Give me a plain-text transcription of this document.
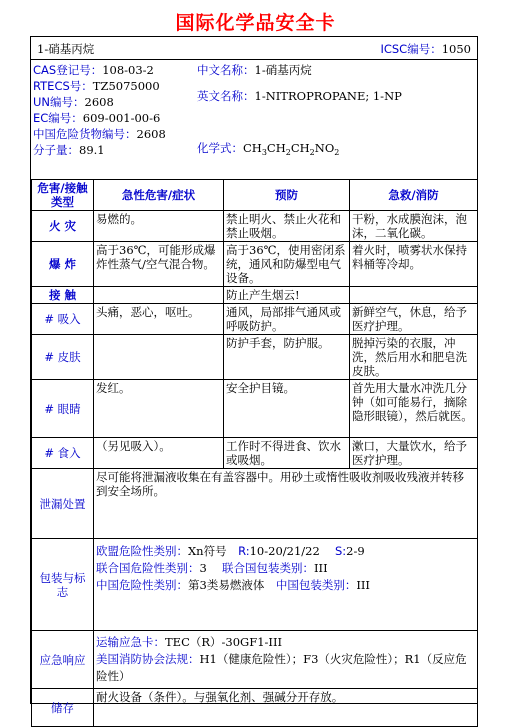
国际化学品安全卡
1-硝基丙烷	ICSC编号：1050
CAS登记号：108-03-2
RTECS号：TZ5075000
UN编号：2608
EC编号：609-001-00-6
中国危险货物编号：2608
分子量：89.1
中文名称：1-硝基丙烷
英文名称：1-NITROPROPANE; 1-NP
化学式：$CH_3CH_2CH_2NO_2$
危害/接触类型	急性危害/症状	预防	急救/消防
火 灾	易燃的。	禁止明火、禁止火花和禁止吸烟。	干粉，水成膜泡沫，泡沫，二氧化碳。
爆 炸	高于36℃，可能形成爆炸性蒸气/空气混合物。	高于36℃，使用密闭系统，通风和防爆型电气设备。	着火时，喷雾状水保持料桶等冷却。
接 触		防止产生烟云!	
# 吸入	头痛，恶心，呕吐。	通风，局部排气通风或呼吸防护。	新鲜空气，休息，给予医疗护理。
# 皮肤		防护手套，防护服。	脱掉污染的衣服，冲洗，然后用水和肥皂洗皮肤。
# 眼睛	发红。	安全护目镜。	首先用大量水冲洗几分钟（如可能易行，摘除隐形眼镜），然后就医。
# 食入	（另见吸入）。	工作时不得进食、饮水或吸烟。	漱口，大量饮水，给予医疗护理。
泄漏处置	尽可能将泄漏液收集在有盖容器中。用砂土或惰性吸收剂吸收残液并转移到安全场所。		
包装与标志	欧盟危险性类别：Xn符号　 R:10-20/21/22　 S:2-9
联合国危险性类别：3　 联合国包装类别：III
中国危险性类别：第3类易燃液体　 中国包装类别：III		

应急响应	运输应急卡：TEC（R）-30GF1-III
美国消防协会法规：H1（健康危险性）；F3（火灾危险性）；R1（反应危险性）		

储存	耐火设备（条件）。与强氧化剂、强碱分开存放。		
